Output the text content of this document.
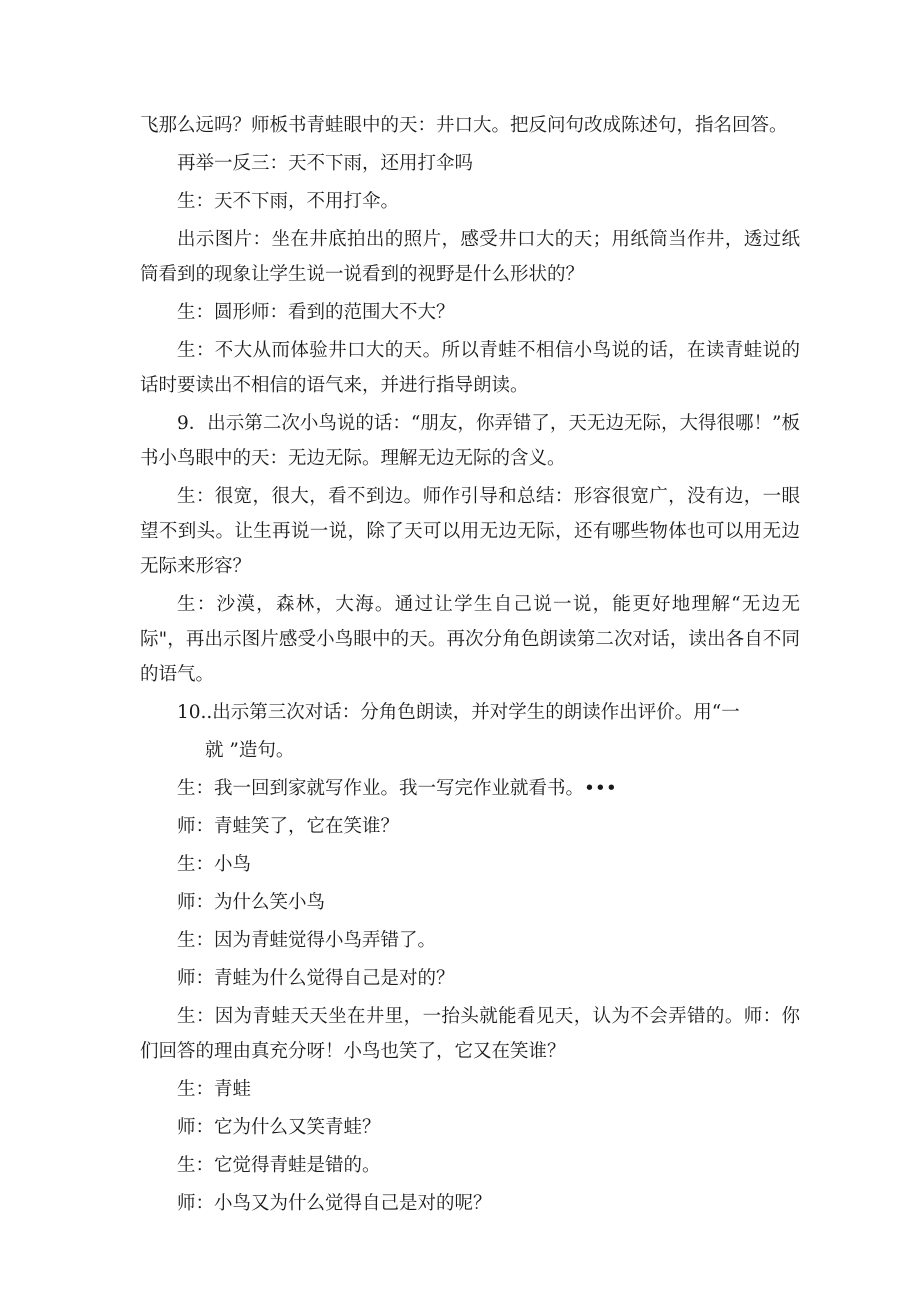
飞那么远吗？师板书青蛙眼中的天：井口大。把反问句改成陈述句，指名回答。

再举一反三：天不下雨，还用打伞吗

生：天不下雨，不用打伞。

出示图片：坐在井底拍出的照片，感受井口大的天；用纸筒当作井，透过纸筒看到的现象让学生说一说看到的视野是什么形状的？

生：圆形师：看到的范围大不大？

生：不大从而体验井口大的天。所以青蛙不相信小鸟说的话，在读青蛙说的话时要读出不相信的语气来，并进行指导朗读。

9．出示第二次小鸟说的话：“朋友，你弄错了，天无边无际，大得很哪！”板书小鸟眼中的天：无边无际。理解无边无际的含义。

生：很宽，很大，看不到边。师作引导和总结：形容很宽广，没有边，一眼望不到头。让生再说一说，除了天可以用无边无际，还有哪些物体也可以用无边无际来形容？

生：沙漠，森林，大海。通过让学生自己说一说，能更好地理解“无边无际"，再出示图片感受小鸟眼中的天。再次分角色朗读第二次对话，读出各自不同的语气。

10..出示第三次对话：分角色朗读，并对学生的朗读作出评价。用“一

就 ”造句。

生：我一回到家就写作业。我一写完作业就看书。•••

师：青蛙笑了，它在笑谁？

生：小鸟

师：为什么笑小鸟

生：因为青蛙觉得小鸟弄错了。

师：青蛙为什么觉得自己是对的？

生：因为青蛙天天坐在井里，一抬头就能看见天，认为不会弄错的。师：你们回答的理由真充分呀！小鸟也笑了，它又在笑谁？

生：青蛙

师：它为什么又笑青蛙？

生：它觉得青蛙是错的。

师：小鸟又为什么觉得自己是对的呢？
